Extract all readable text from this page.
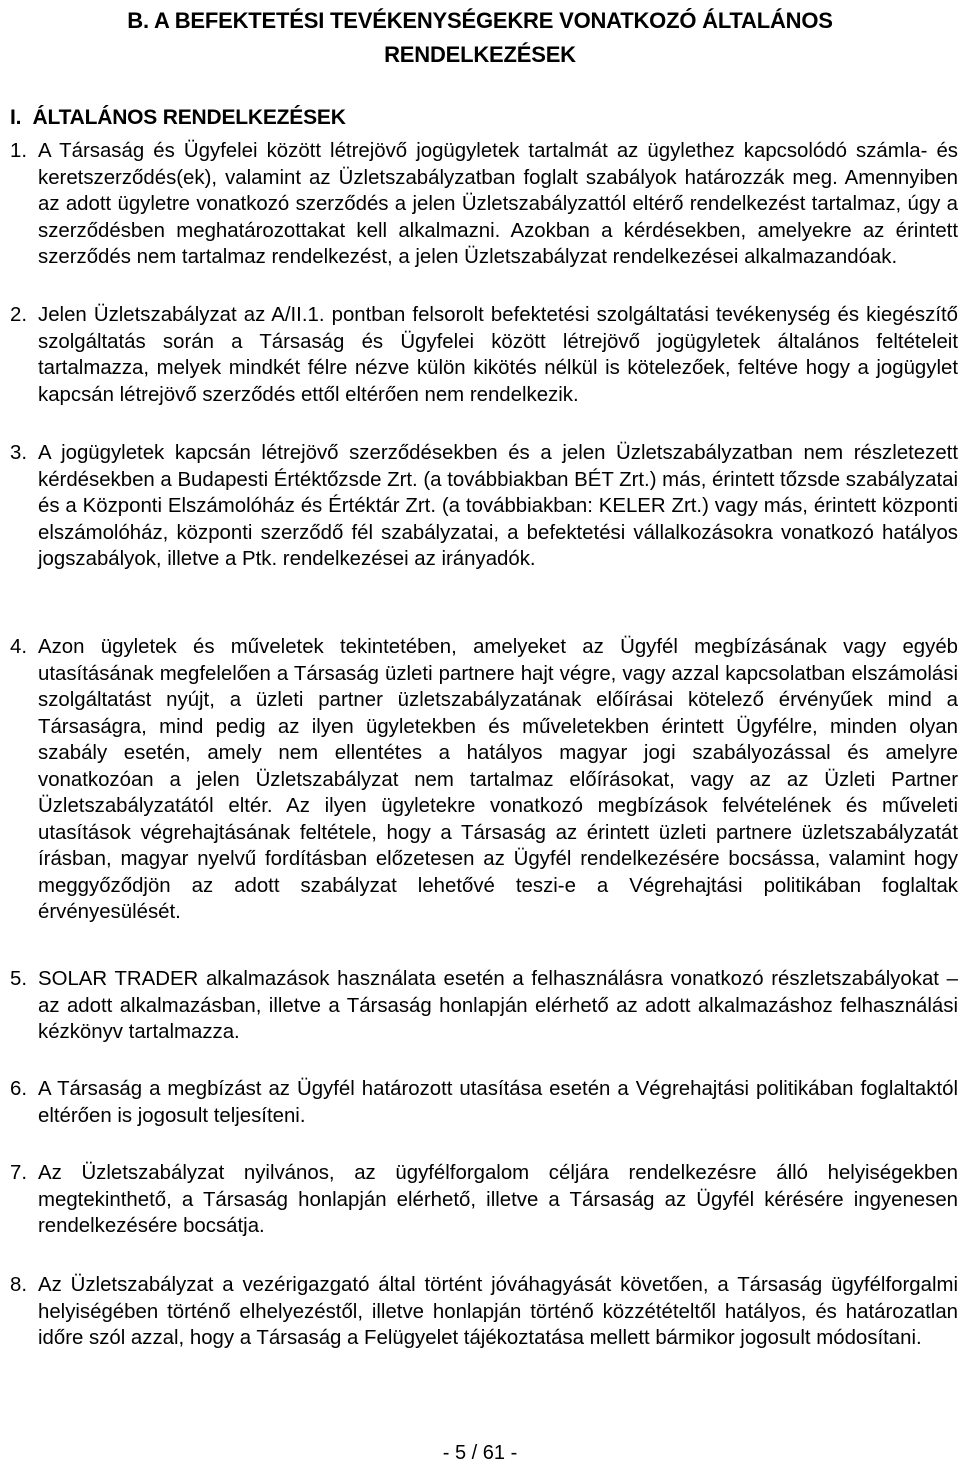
B. A BEFEKTETÉSI TEVÉKENYSÉGEKRE VONATKOZÓ ÁLTALÁNOS
RENDELKEZÉSEK
I.  ÁLTALÁNOS RENDELKEZÉSEK
1. A Társaság és Ügyfelei között létrejövő jogügyletek tartalmát az ügylethez kapcsolódó számla- és keretszerződés(ek), valamint az Üzletszabályzatban foglalt szabályok határozzák meg. Amennyiben az adott ügyletre vonatkozó szerződés a jelen Üzletszabályzattól eltérő rendelkezést tartalmaz, úgy a szerződésben meghatározottakat kell alkalmazni. Azokban a kérdésekben, amelyekre az érintett szerződés nem tartalmaz rendelkezést, a jelen Üzletszabályzat rendelkezései alkalmazandóak.
2. Jelen Üzletszabályzat az A/II.1. pontban felsorolt befektetési szolgáltatási tevékenység és kiegészítő szolgáltatás során a Társaság és Ügyfelei között létrejövő jogügyletek általános feltételeit tartalmazza, melyek mindkét félre nézve külön kikötés nélkül is kötelezőek, feltéve hogy a jogügylet kapcsán létrejövő szerződés ettől eltérően nem rendelkezik.
3. A jogügyletek kapcsán létrejövő szerződésekben és a jelen Üzletszabályzatban nem részletezett kérdésekben a Budapesti Értéktőzsde Zrt. (a továbbiakban BÉT Zrt.) más, érintett tőzsde szabályzatai és a Központi Elszámolóház és Értéktár Zrt. (a továbbiakban: KELER Zrt.) vagy más, érintett központi elszámolóház, központi szerződő fél szabályzatai, a befektetési vállalkozásokra vonatkozó hatályos jogszabályok, illetve a Ptk. rendelkezései az irányadók.
4. Azon ügyletek és műveletek tekintetében, amelyeket az Ügyfél megbízásának vagy egyéb utasításának megfelelően a Társaság üzleti partnere hajt végre, vagy azzal kapcsolatban elszámolási szolgáltatást nyújt, a üzleti partner üzletszabályzatának előírásai kötelező érvényűek mind a Társaságra, mind pedig az ilyen ügyletekben és műveletekben érintett Ügyfélre, minden olyan szabály esetén, amely nem ellentétes a hatályos magyar jogi szabályozással és amelyre vonatkozóan a jelen Üzletszabályzat nem tartalmaz előírásokat, vagy az az Üzleti Partner Üzletszabályzatától eltér. Az ilyen ügyletekre vonatkozó megbízások felvételének és műveleti utasítások végrehajtásának feltétele, hogy a Társaság az érintett üzleti partnere üzletszabályzatát írásban, magyar nyelvű fordításban előzetesen az Ügyfél rendelkezésére bocsássa, valamint hogy meggyőződjön az adott szabályzat lehetővé teszi-e a Végrehajtási politikában foglaltak érvényesülését.
5. SOLAR TRADER alkalmazások használata esetén a felhasználásra vonatkozó részletszabályokat – az adott alkalmazásban, illetve a Társaság honlapján elérhető az adott alkalmazáshoz felhasználási kézkönyv tartalmazza.
6. A Társaság a megbízást az Ügyfél határozott utasítása esetén a Végrehajtási politikában foglaltaktól eltérően is jogosult teljesíteni.
7. Az Üzletszabályzat nyilvános, az ügyfélforgalom céljára rendelkezésre álló helyiségekben megtekinthető, a Társaság honlapján elérhető, illetve a Társaság az Ügyfél kérésére ingyenesen rendelkezésére bocsátja.
8. Az Üzletszabályzat a vezérigazgató által történt jóváhagyását követően, a Társaság ügyfélforgalmi helyiségében történő elhelyezéstől, illetve honlapján történő közzétételtől hatályos, és határozatlan időre szól azzal, hogy a Társaság a Felügyelet tájékoztatása mellett bármikor jogosult módosítani.
- 5 / 61 -
